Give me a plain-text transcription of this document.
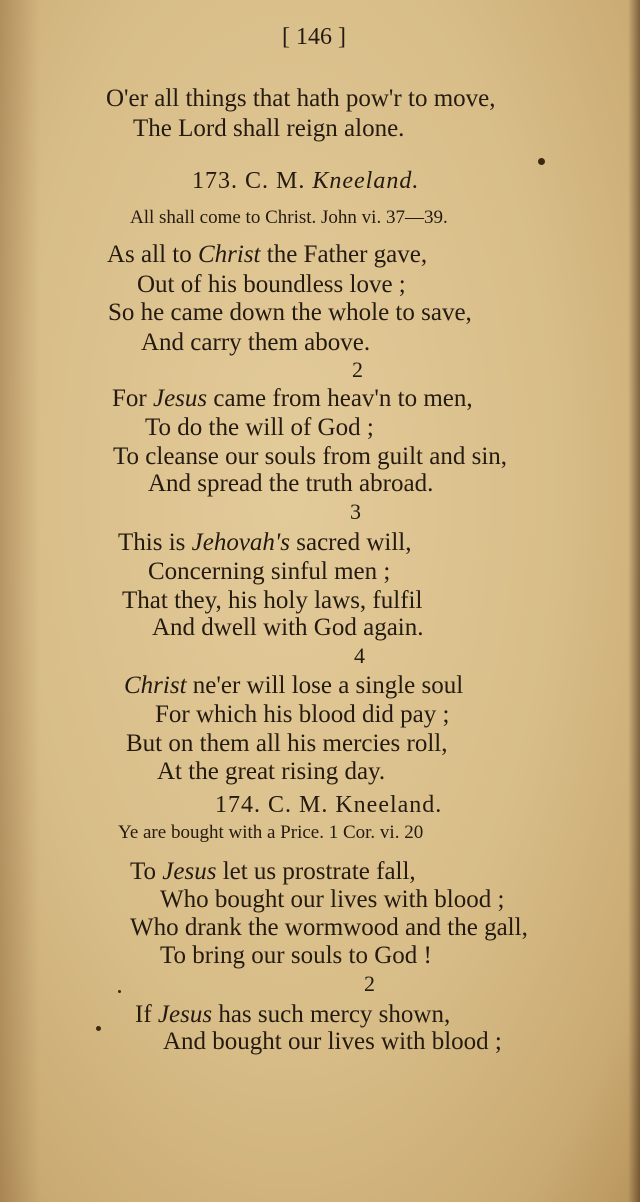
[ 146 ]
O'er all things that hath pow'r to move,
The Lord shall reign alone.
173. C. M. Kneeland.
All shall come to Christ. John vi. 37—39.
As all to Christ the Father gave,
Out of his boundless love ;
So he came down the whole to save,
And carry them above.
2
For Jesus came from heav'n to men,
To do the will of God ;
To cleanse our souls from guilt and sin,
And spread the truth abroad.
3
This is Jehovah's sacred will,
Concerning sinful men ;
That they, his holy laws, fulfil
And dwell with God again.
4
Christ ne'er will lose a single soul
For which his blood did pay ;
But on them all his mercies roll,
At the great rising day.
174. C. M. Kneeland.
Ye are bought with a Price. 1 Cor. vi. 20
To Jesus let us prostrate fall,
Who bought our lives with blood ;
Who drank the wormwood and the gall,
To bring our souls to God !
2
If Jesus has such mercy shown,
And bought our lives with blood ;
